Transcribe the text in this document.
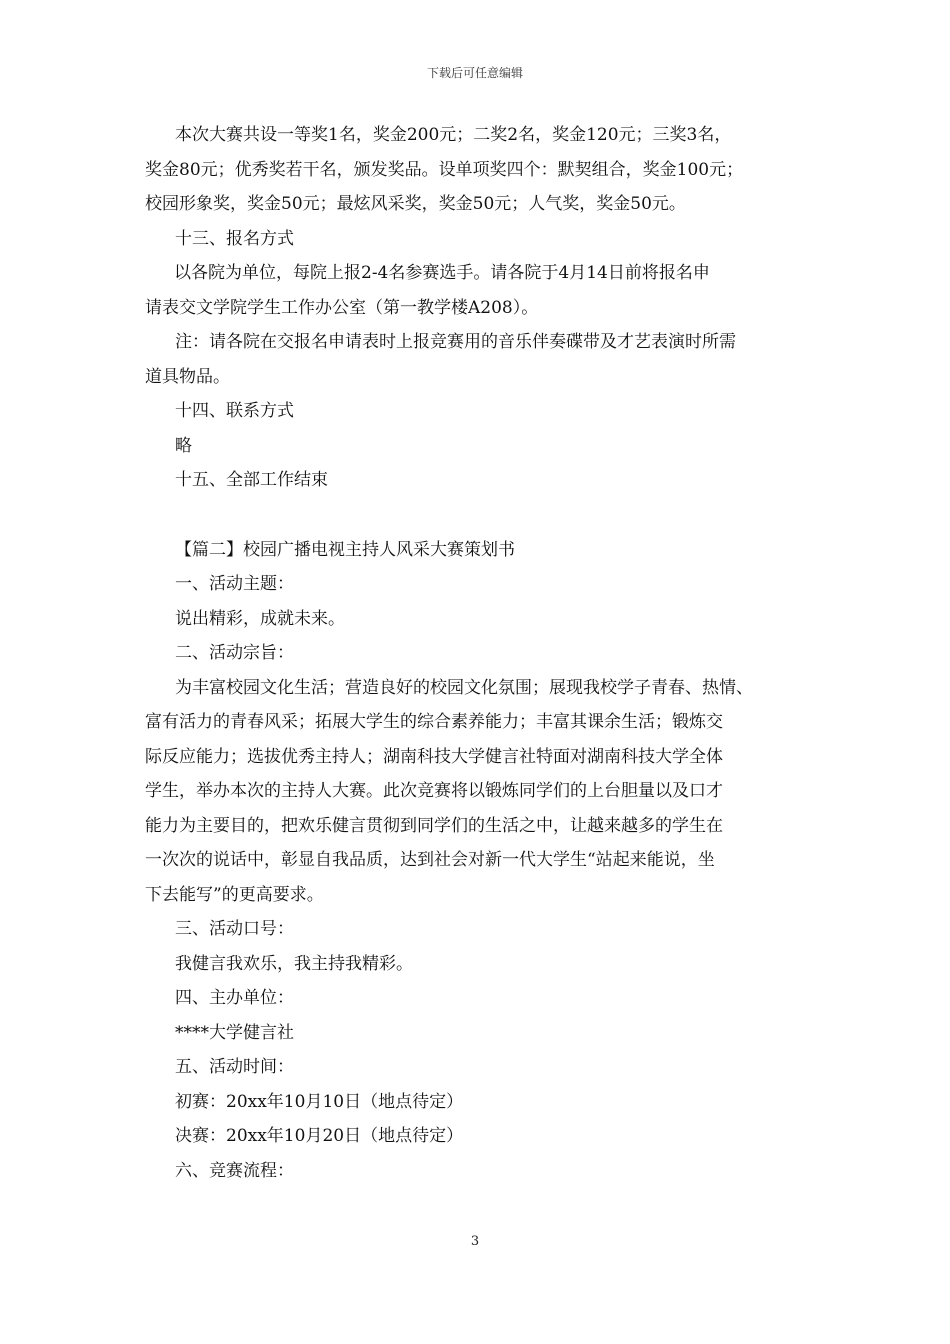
下载后可任意编辑
本次大赛共设一等奖1名，奖金200元；二奖2名，奖金120元；三奖3名，
奖金80元；优秀奖若干名，颁发奖品。设单项奖四个：默契组合，奖金100元；
校园形象奖，奖金50元；最炫风采奖，奖金50元；人气奖，奖金50元。
十三、报名方式
以各院为单位，每院上报2-4名参赛选手。请各院于4月14日前将报名申
请表交文学院学生工作办公室（第一教学楼A208）。
注：请各院在交报名申请表时上报竞赛用的音乐伴奏碟带及才艺表演时所需
道具物品。
十四、联系方式
略
十五、全部工作结束
【篇二】校园广播电视主持人风采大赛策划书
一、活动主题：
说出精彩，成就未来。
二、活动宗旨：
为丰富校园文化生活；营造良好的校园文化氛围；展现我校学子青春、热情、
富有活力的青春风采；拓展大学生的综合素养能力；丰富其课余生活；锻炼交
际反应能力；选拔优秀主持人；湖南科技大学健言社特面对湖南科技大学全体
学生，举办本次的主持人大赛。此次竞赛将以锻炼同学们的上台胆量以及口才
能力为主要目的，把欢乐健言贯彻到同学们的生活之中，让越来越多的学生在
一次次的说话中，彰显自我品质，达到社会对新一代大学生“站起来能说，坐
下去能写”的更高要求。
三、活动口号：
我健言我欢乐，我主持我精彩。
四、主办单位：
****大学健言社
五、活动时间：
初赛：20xx年10月10日（地点待定）
决赛：20xx年10月20日（地点待定）
六、竞赛流程：
3
